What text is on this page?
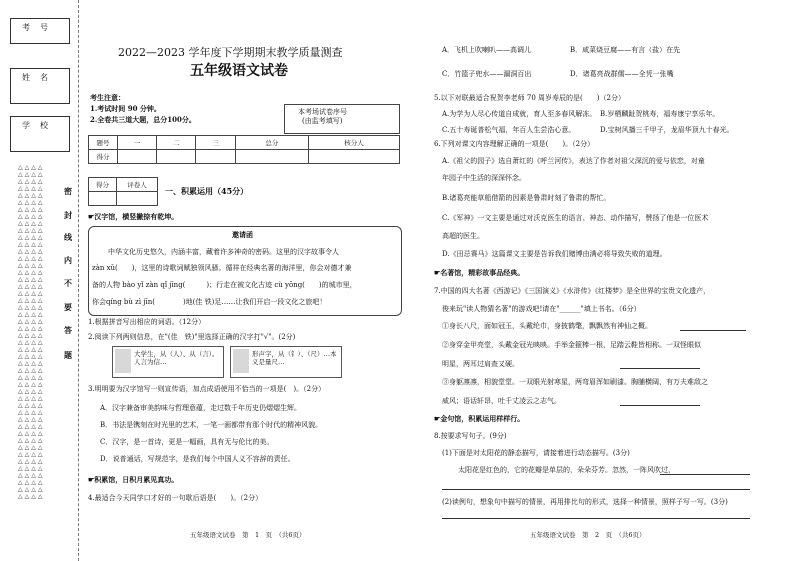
考号
姓名
学校
△△△△
△△△△
△△△△
△△△△
△△△△
△△△△
△△△△
△△△△
△△△△
△△△△
△△△△
△△△△
△△△△
△△△△
△△△△
△△△△
△△△△
△△△△
△△△△
△△△△
△△△△
△△△△
△△△△
△△△△
△△△△
△△△△
△△△△
△△△△
△△△△
△△△△
△△△△
△△△△
△△△△
△△△△
△△△△
△△△△
△△△△
△△△△
△△△△
△△△△
△△△△
△△△△
△△△△
△△△△
△△△△
△△△△
△△△△
△△△△
密
封
线
内
不
要
答
题
2022—2023 学年度下学期期末教学质量测查
五年级语文试卷
考生注意：
1.考试时间 90 分钟。
2.全卷共三道大题，总分100分。
本考场试卷序号
(由监考填写)
题号	一	二	三	总分	核分人
得分					
得分	评卷人

一、积累运用（45分）
☛汉字馆，横竖撇捺有乾坤。
邀请函
中华文化历史悠久，内涵丰富，藏着许多神奇的密码。这里的汉字故事令人
zàn xǔ(　　)，这里的诗歌词赋独领风骚。循祥在经典名著的海洋里，你会对德才兼
备的人物 bào yǐ zàn qǐ jīng(　　　)；行走在被文化古迹 cù yōng(　　)的城市里，
你会qíng bù zì jīn(　　　　)地(佳 铁)足……让我们开启一段文化之旅吧！
1.根据拼音写出相应的词语。（12分）
2.阅读下列两则信息，在"(佳　铁)"里选择正确的汉字打"√"。(2分)
大学生，从（人）、从（言）。人言为信…
形声字，从（钅）、（尺）…本义是量尺…
3.明明要为汉字馆写一则宣传语，加点成语使用不恰当的一项是(　)。（2分）
A．汉字兼备审美韵味与哲理意蕴，走过数千年历史仍熠熠生辉。
B．书法是镌刻在时光里的艺术，一笔一画都带有那个时代的精神风貌。
C．汉字，是一首诗，更是一幅画，具有无与伦比的美。
D．说普通话，写规范字，是我们每个中国人义不容辞的责任。
☛积累馆，日积月累见真功。
4.最适合今天同学口才好的一句歇后语是(　　)。（2分）
五年级语文试卷　第　1　页　（共6页）
A．飞机上吹喇叭——高调儿	B．咸菜烧豆腐——有言（盐）在先
C．竹篮子兜水——漏洞百出	D．诸葛亮战群儒——全凭一张嘴
5.以下对联最适合祝贺李老师 70 周岁寿辰的是(　　)（2分）
A.为学为人尽心传道自成就，育人至多春风解冻。 B.岁栖麟趾贺桃寿，福寿康宁享乐年。
C.五十寿诞普松气福，年百人生尝浩心意。	D.宝树风播三千甲子，龙眉华顶九十春光。
6.下列对课文内容理解正确的一项是(　　)。（2分）
A.《祖父的园子》选自萧红的《呼兰河传》，表达了作者对祖父深沉的爱与依恋，对童
年园子中生活的深深怀念。
B.诸葛亮能草船借箭的因素是鲁肃时刻了鲁肃的帮忙。
C.《军神》一文主要是通过对沃克医生的语言、神态、动作描写，赞扬了他是一位医术
高超的医生。
D.《田忌赛马》这篇课文主要是告诉我们赌博由满必将导致失败的道理。
☛名著馆，精彩故事品经典。
7.中国的四大名著《西游记》《三国演义》《水浒传》《红楼梦》是全世界的宝贵文化遗产，
俊来玩"读人物猜名著"的游戏吧!请在"______"填上书名。（6分）
①身长八尺，面如冠玉，头戴纶巾，身披鹤氅，飘飘然有神仙之概。
②身穿金甲亮堂，头戴金冠光映映。手举金箍棒一根，足踏云鞋皆相称。一双怪眼似
明星，两耳过肩查又硬。
③身躯凛凛，相貌堂堂。一双眼光射寒星，两弯眉浑如刷漆。胸脯横阔，有万夫难敌之
威风；语话轩昂，吐千丈凌云之志气。
☛金句馆，积累运用样样行。
8.按要求写句子。(9分)
(1)下面是对太阳花的静态描写，请接着进行动态描写。(3分)
太阳花是红色的，它的花瓣是单层的，朵朵芬芳。忽然，一阵风吹过，
(2)读例句，想象句中描写的情景，再用排比句的形式，选择一种情景，照样子写一写。(3分)
五年级语文试卷　第　2　页　（共6页）
